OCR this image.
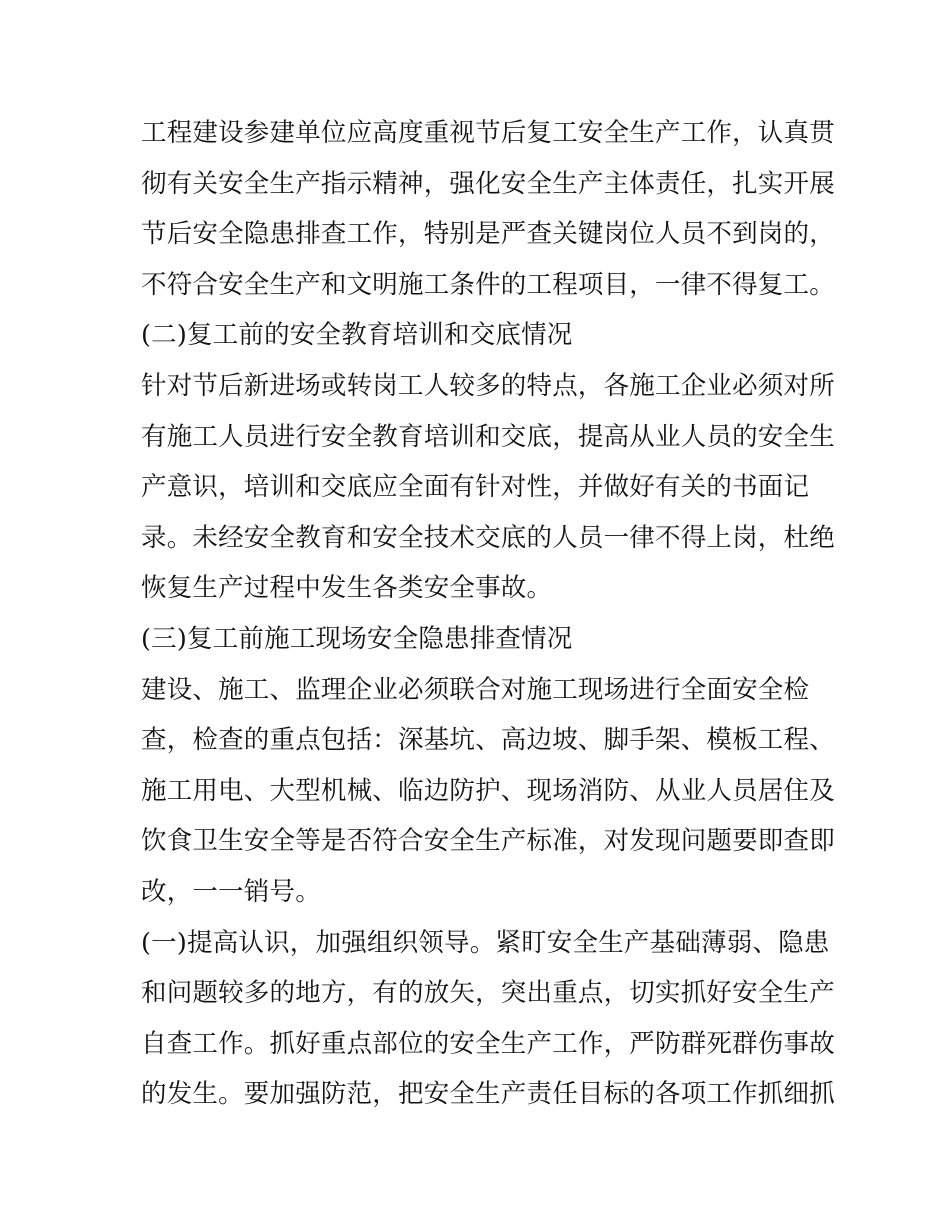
工程建设参建单位应高度重视节后复工安全生产工作，认真贯
彻有关安全生产指示精神，强化安全生产主体责任，扎实开展
节后安全隐患排查工作，特别是严查关键岗位人员不到岗的，
不符合安全生产和文明施工条件的工程项目，一律不得复工。
(二)复工前的安全教育培训和交底情况
针对节后新进场或转岗工人较多的特点，各施工企业必须对所
有施工人员进行安全教育培训和交底，提高从业人员的安全生
产意识，培训和交底应全面有针对性，并做好有关的书面记
录。未经安全教育和安全技术交底的人员一律不得上岗，杜绝
恢复生产过程中发生各类安全事故。
(三)复工前施工现场安全隐患排查情况
建设、施工、监理企业必须联合对施工现场进行全面安全检
查，检查的重点包括：深基坑、高边坡、脚手架、模板工程、
施工用电、大型机械、临边防护、现场消防、从业人员居住及
饮食卫生安全等是否符合安全生产标准，对发现问题要即查即
改，一一销号。
(一)提高认识，加强组织领导。紧盯安全生产基础薄弱、隐患
和问题较多的地方，有的放矢，突出重点，切实抓好安全生产
自查工作。抓好重点部位的安全生产工作，严防群死群伤事故
的发生。要加强防范，把安全生产责任目标的各项工作抓细抓
